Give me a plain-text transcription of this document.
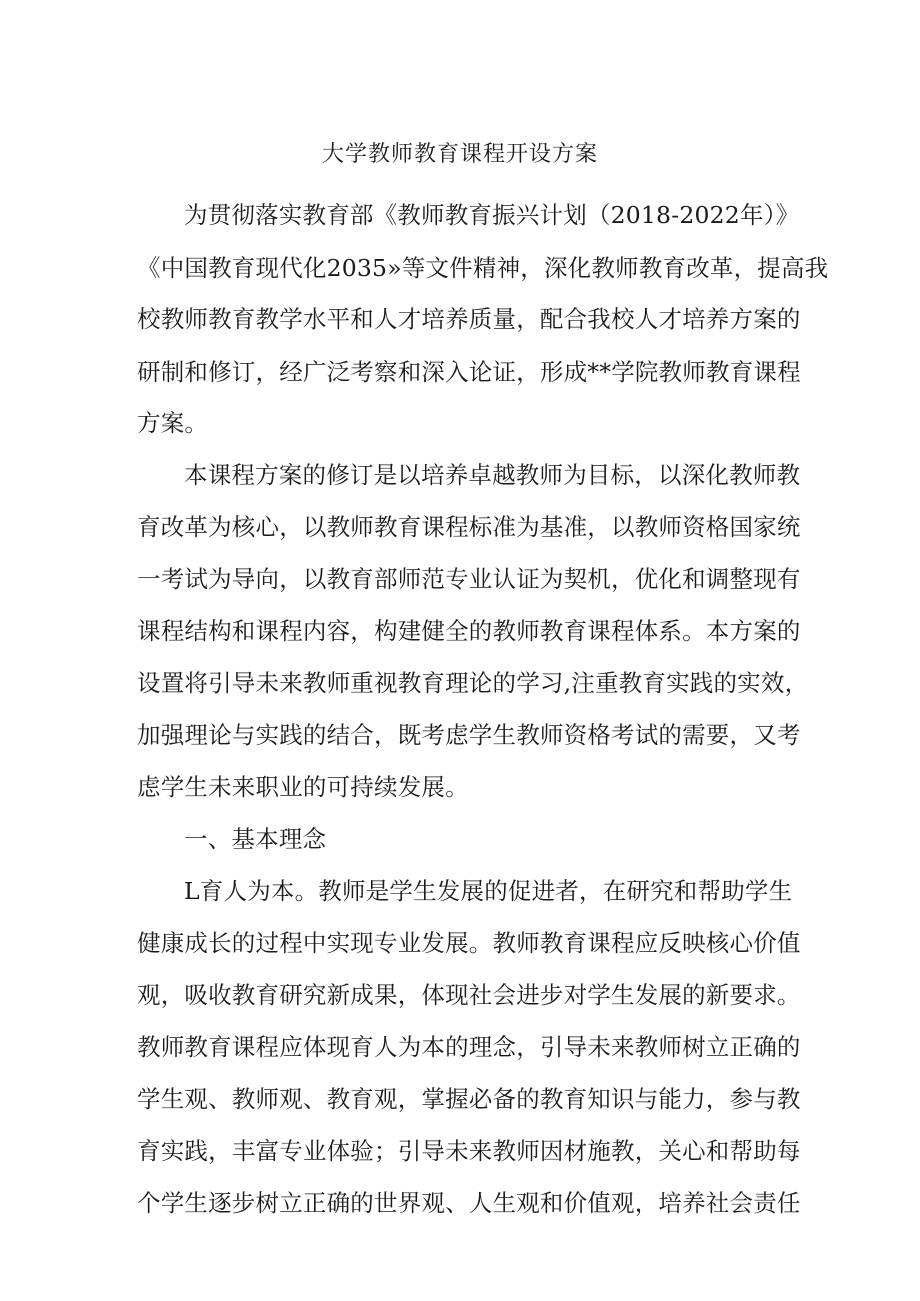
大学教师教育课程开设方案
为贯彻落实教育部《教师教育振兴计划（2018-2022年）》
《中国教育现代化2035»等文件精神，深化教师教育改革，提高我
校教师教育教学水平和人才培养质量，配合我校人才培养方案的
研制和修订，经广泛考察和深入论证，形成**学院教师教育课程
方案。
本课程方案的修订是以培养卓越教师为目标，以深化教师教
育改革为核心，以教师教育课程标准为基准，以教师资格国家统
一考试为导向，以教育部师范专业认证为契机，优化和调整现有
课程结构和课程内容，构建健全的教师教育课程体系。本方案的
设置将引导未来教师重视教育理论的学习,注重教育实践的实效，
加强理论与实践的结合，既考虑学生教师资格考试的需要，又考
虑学生未来职业的可持续发展。
一、基本理念
L育人为本。教师是学生发展的促进者，在研究和帮助学生
健康成长的过程中实现专业发展。教师教育课程应反映核心价值
观，吸收教育研究新成果，体现社会进步对学生发展的新要求。
教师教育课程应体现育人为本的理念，引导未来教师树立正确的
学生观、教师观、教育观，掌握必备的教育知识与能力，参与教
育实践，丰富专业体验；引导未来教师因材施教，关心和帮助每
个学生逐步树立正确的世界观、人生观和价值观，培养社会责任
